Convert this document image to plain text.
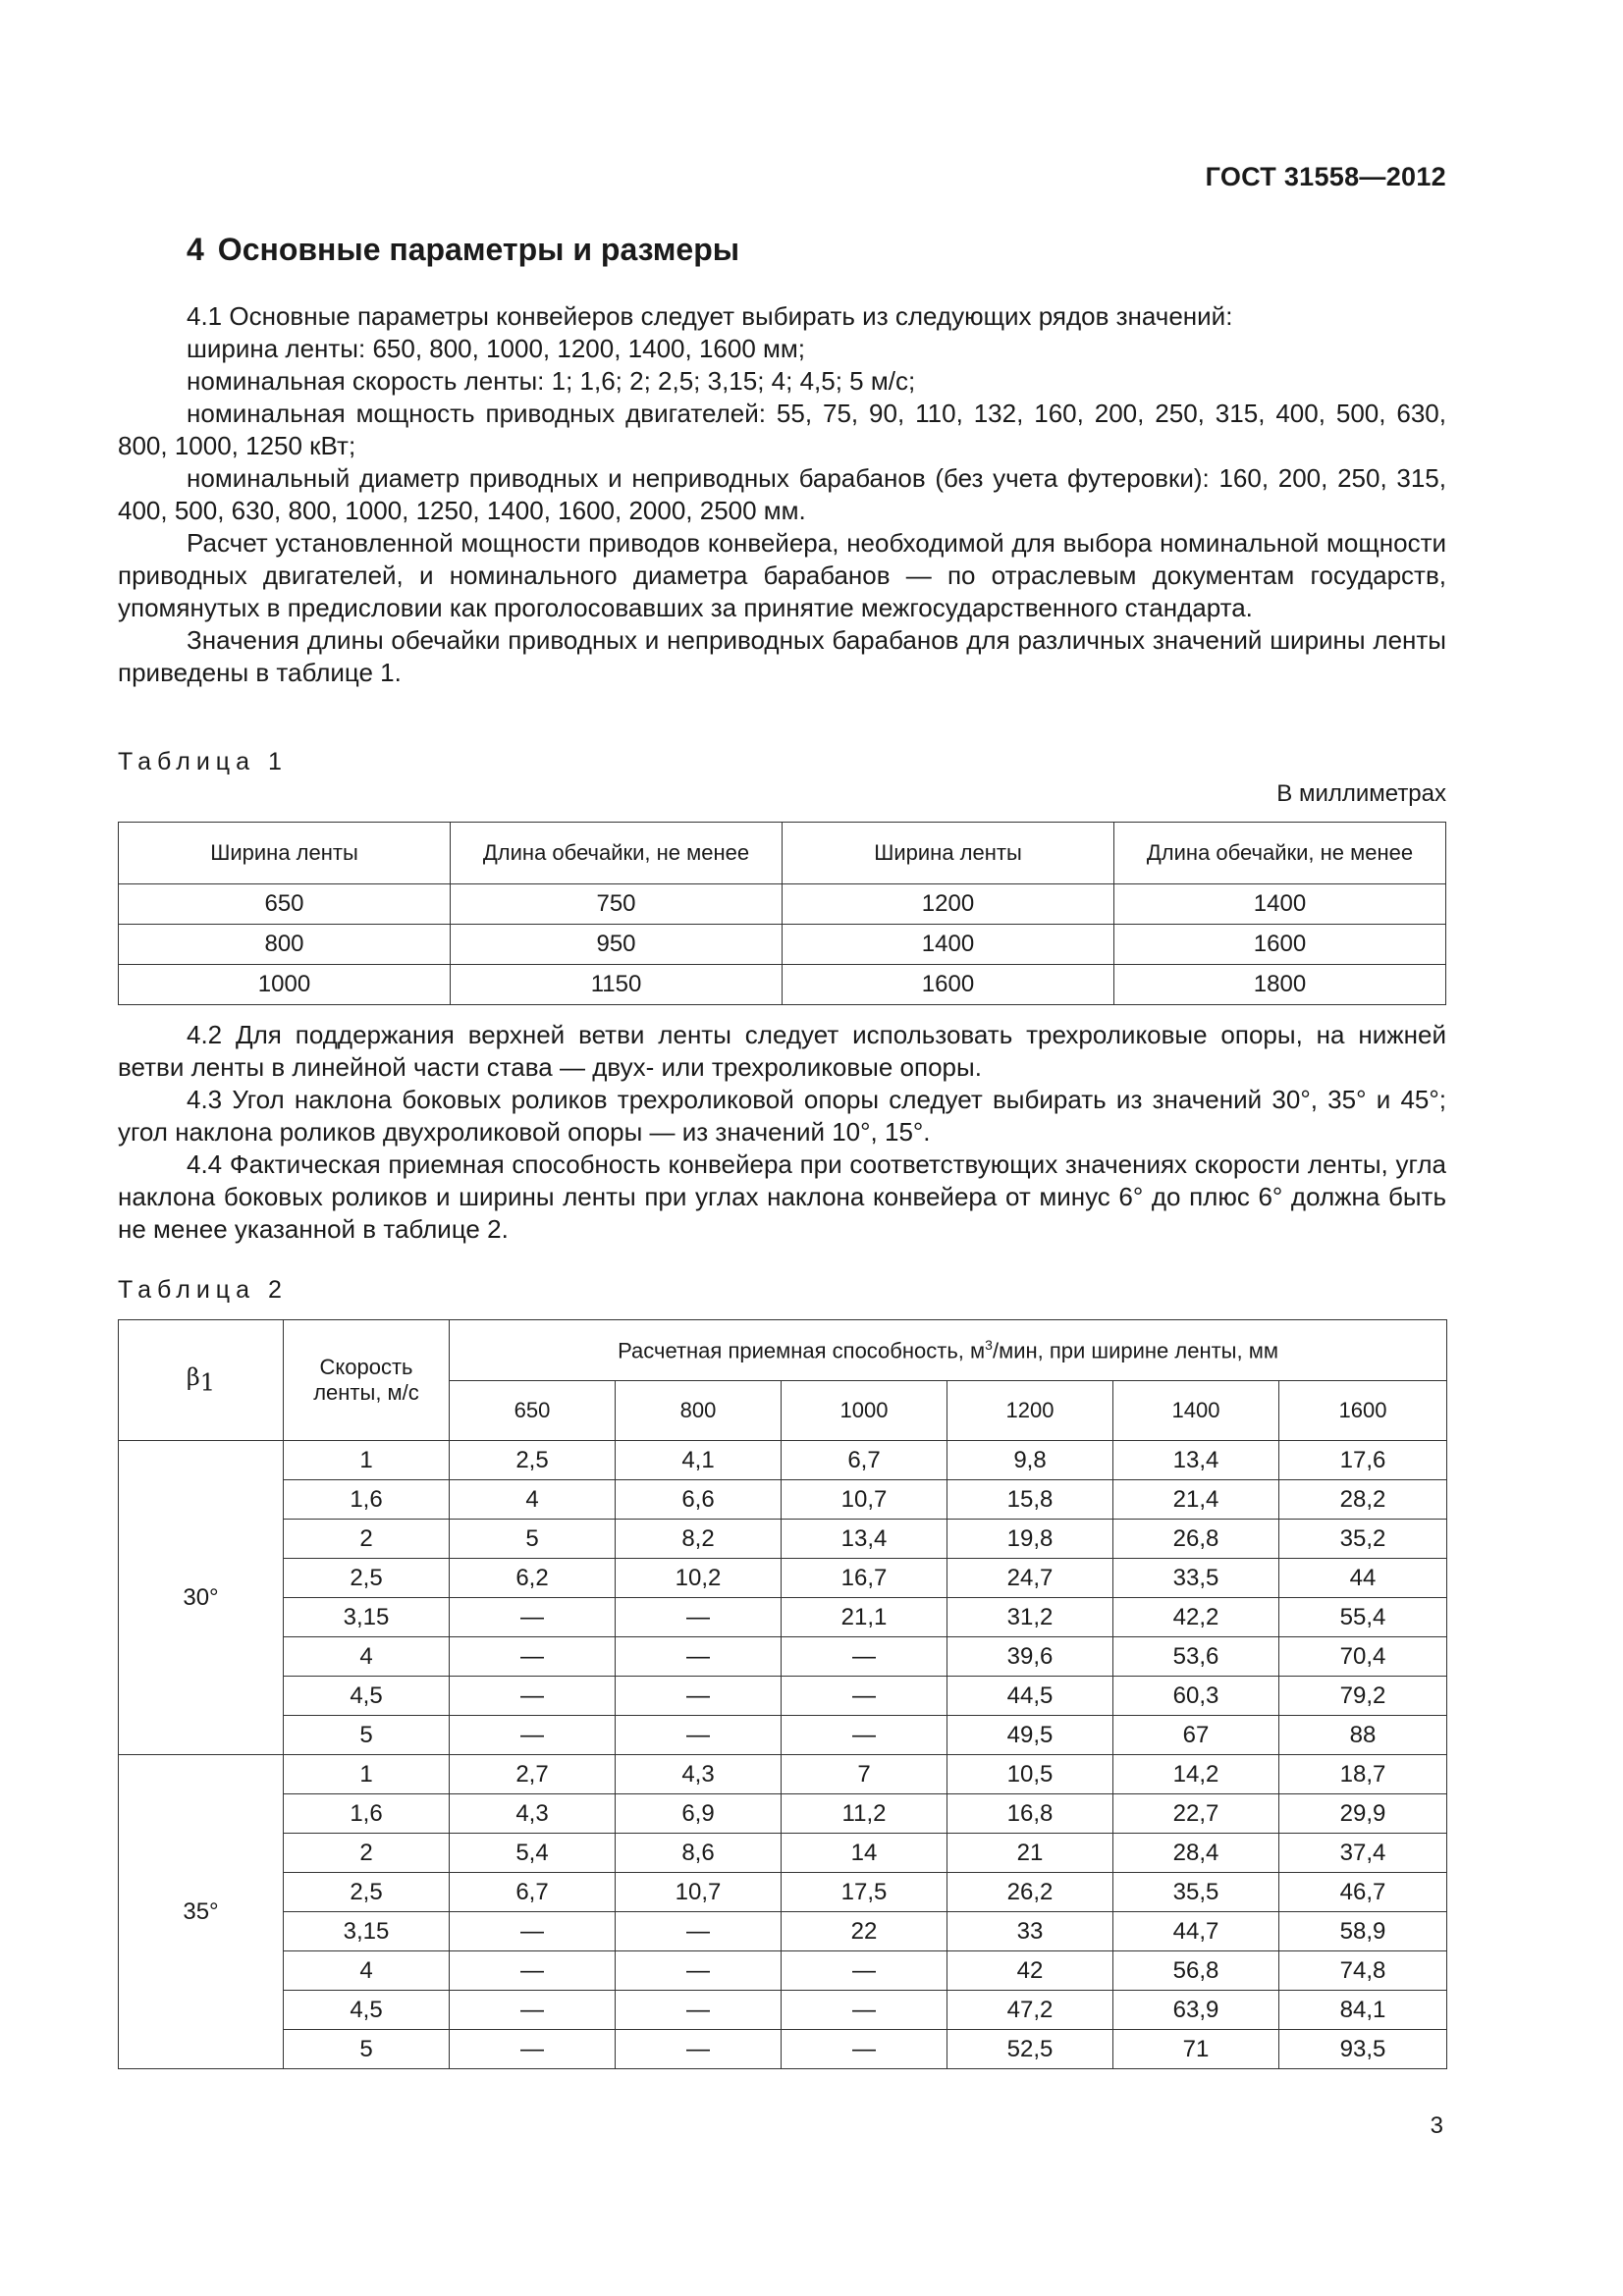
ГОСТ 31558—2012
4 Основные параметры и размеры

4.1 Основные параметры конвейеров следует выбирать из следующих рядов значений:

ширина ленты: 650, 800, 1000, 1200, 1400, 1600 мм;

номинальная скорость ленты: 1; 1,6; 2; 2,5; 3,15; 4; 4,5; 5 м/с;

номинальная мощность приводных двигателей: 55, 75, 90, 110, 132, 160, 200, 250, 315, 400, 500, 630, 800, 1000, 1250 кВт;

номинальный диаметр приводных и неприводных барабанов (без учета футеровки): 160, 200, 250, 315, 400, 500, 630, 800, 1000, 1250, 1400, 1600, 2000, 2500 мм.

Расчет установленной мощности приводов конвейера, необходимой для выбора номинальной мощности приводных двигателей, и номинального диаметра барабанов — по отраслевым документам государств, упомянутых в предисловии как проголосовавших за принятие межгосударственного стандарта.

Значения длины обечайки приводных и неприводных барабанов для различных значений ширины ленты приведены в таблице 1.

Таблица 1
В миллиметрах
Ширина ленты	Длина обечайки, не менее	Ширина ленты	Длина обечайки, не менее
650	750	1200	1400
800	950	1400	1600
1000	1150	1600	1800

4.2 Для поддержания верхней ветви ленты следует использовать трехроликовые опоры, на нижней ветви ленты в линейной части става — двух- или трехроликовые опоры.

4.3 Угол наклона боковых роликов трехроликовой опоры следует выбирать из значений 30°, 35° и 45°; угол наклона роликов двухроликовой опоры — из значений 10°, 15°.

4.4 Фактическая приемная способность конвейера при соответствующих значениях скорости ленты, угла наклона боковых роликов и ширины ленты при углах наклона конвейера от минус 6° до плюс 6° должна быть не менее указанной в таблице 2.

Таблица 2
$\beta_1$	Скорость ленты, м/с	Расчетная приемная способность, $м^3$/мин, при ширине ленты, мм					
		650	800	1000	1200	1400	1600
30°	1	2,5	4,1	6,7	9,8	13,4	17,6
	1,6	4	6,6	10,7	15,8	21,4	28,2
	2	5	8,2	13,4	19,8	26,8	35,2
	2,5	6,2	10,2	16,7	24,7	33,5	44
	3,15	—	—	21,1	31,2	42,2	55,4
	4	—	—	—	39,6	53,6	70,4
	4,5	—	—	—	44,5	60,3	79,2
	5	—	—	—	49,5	67	88
35°	1	2,7	4,3	7	10,5	14,2	18,7
	1,6	4,3	6,9	11,2	16,8	22,7	29,9
	2	5,4	8,6	14	21	28,4	37,4
	2,5	6,7	10,7	17,5	26,2	35,5	46,7
	3,15	—	—	22	33	44,7	58,9
	4	—	—	—	42	56,8	74,8
	4,5	—	—	—	47,2	63,9	84,1
	5	—	—	—	52,5	71	93,5
3
